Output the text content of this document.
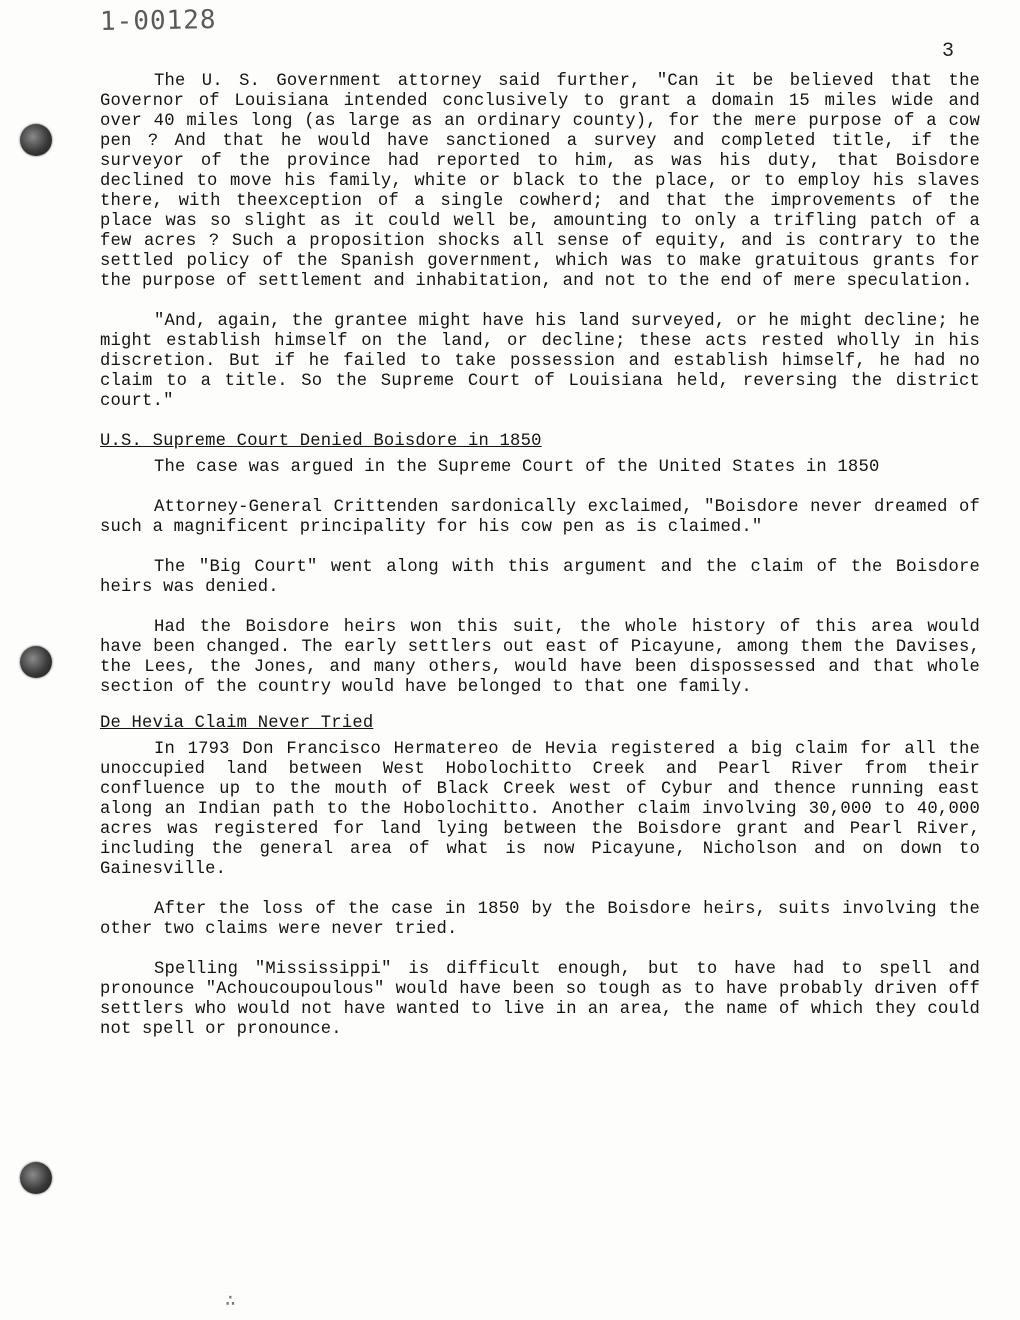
1-00128
3
∴

The U. S. Government attorney said further, "Can it be believed that the Governor of Louisiana intended conclusively to grant a domain 15 miles wide and over 40 miles long (as large as an ordinary county), for the mere purpose of a cow pen ? And that he would have sanctioned a survey and completed title, if the surveyor of the province had reported to him, as was his duty, that Boisdore declined to move his family, white or black to the place, or to employ his slaves there, with theexception of a single cowherd; and that the improvements of the place was so slight as it could well be, amounting to only a trifling patch of a few acres ? Such a proposition shocks all sense of equity, and is contrary to the settled policy of the Spanish government, which was to make gratuitous grants for the purpose of settlement and inhabitation, and not to the end of mere speculation.

"And, again, the grantee might have his land surveyed, or he might decline; he might establish himself on the land, or decline; these acts rested wholly in his discretion. But if he failed to take possession and establish himself, he had no claim to a title. So the Supreme Court of Louisiana held, reversing the district court."

U.S. Supreme Court Denied Boisdore in 1850

The case was argued in the Supreme Court of the United States in 1850

Attorney-General Crittenden sardonically exclaimed, "Boisdore never dreamed of such a magnificent principality for his cow pen as is claimed."

The "Big Court" went along with this argument and the claim of the Boisdore heirs was denied.

Had the Boisdore heirs won this suit, the whole history of this area would have been changed. The early settlers out east of Picayune, among them the Davises, the Lees, the Jones, and many others, would have been dispossessed and that whole section of the country would have belonged to that one family.

De Hevia Claim Never Tried

In 1793 Don Francisco Hermatereo de Hevia registered a big claim for all the unoccupied land between West Hobolochitto Creek and Pearl River from their confluence up to the mouth of Black Creek west of Cybur and thence running east along an Indian path to the Hobolochitto. Another claim involving 30,000 to 40,000 acres was registered for land lying between the Boisdore grant and Pearl River, including the general area of what is now Picayune, Nicholson and on down to Gainesville.

After the loss of the case in 1850 by the Boisdore heirs, suits involving the other two claims were never tried.

Spelling "Mississippi" is difficult enough, but to have had to spell and pronounce "Achoucoupoulous" would have been so tough as to have probably driven off settlers who would not have wanted to live in an area, the name of which they could not spell or pronounce.
